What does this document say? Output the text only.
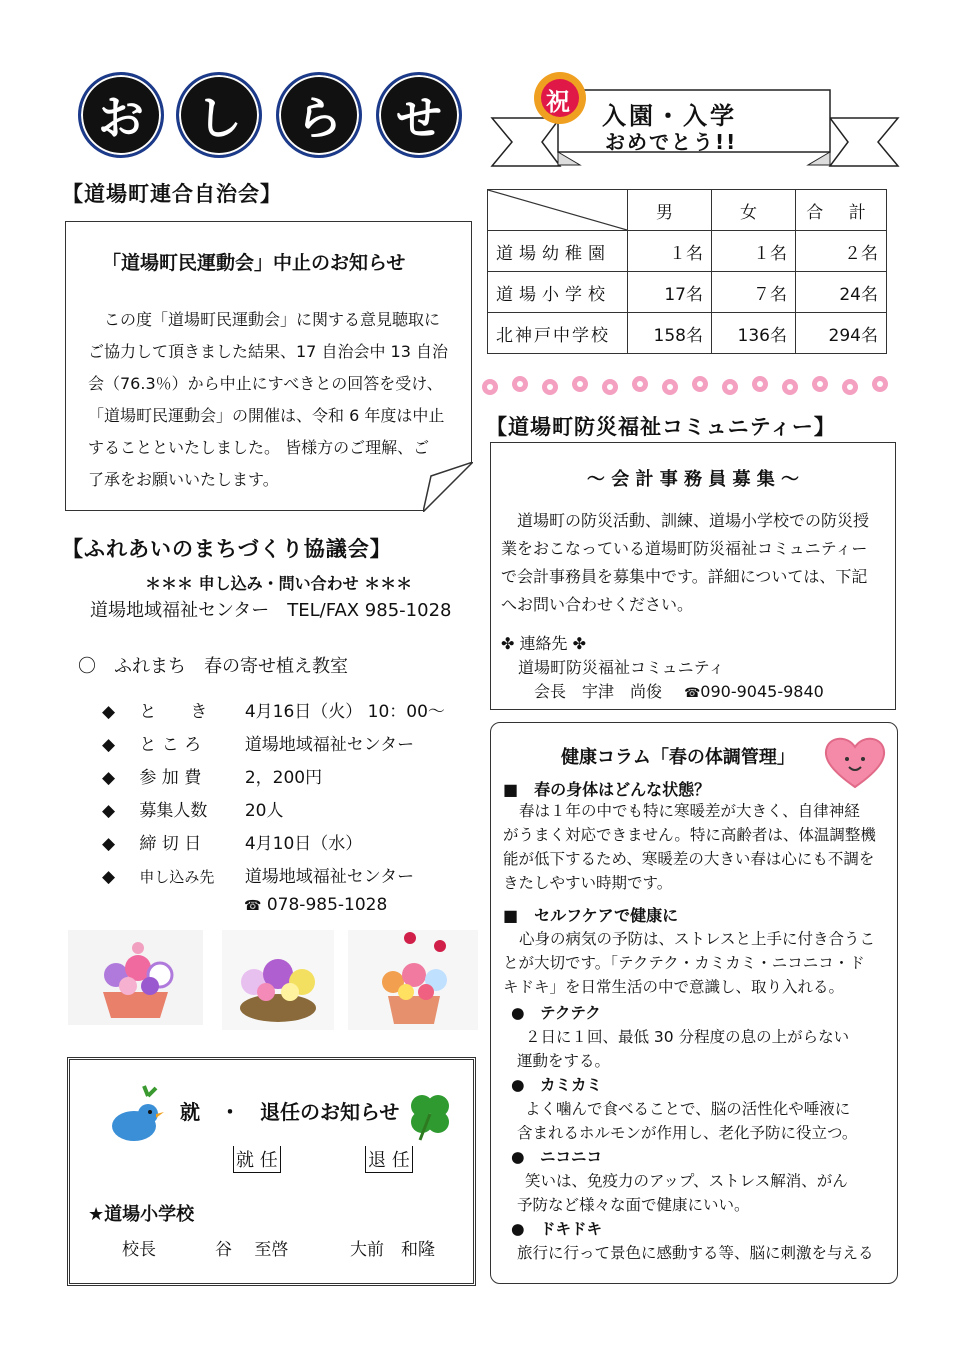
お	し	ら	せ	祝 入園・入学
おめでとう!!
【道場町連合自治会】
「道場町民運動会」中止のお知らせ
この度「道場町民運動会」に関する意見聴取に
ご協力して頂きました結果、17 自治会中 13 自治
会（76.3％）から中止にすべきとの回答を受け、
「道場町民運動会」の開催は、令和 6 年度は中止
することといたしました。 皆様方のご理解、ご
了承をお願いいたします。
【ふれあいのまちづくり協議会】
＊＊＊ 申し込み・問い合わせ ＊＊＊
道場地域福祉センター　TEL/FAX 985-1028
〇　ふれまち　春の寄せ植え教室
◆ と　　き 4月16日（火） 10：00～
◆ と こ ろ	道場地域福祉センター
◆ 参 加 費	2，200円
◆ 募集人数 20人
◆ 締 切 日	4月10日（水）
◆ 申し込み先 道場地域福祉センター
☎ 078-985-1028
就　・　退任のお知らせ
就 任	退 任
★道場小学校
校長	谷　 至啓	大前　和隆
	男	女	合 計
道場幼稚園	１名	１名	２名
道場小学校	17名	７名	24名
北神戸中学校	158名	136名	294名
【道場町防災福祉コミュニティー】
～ 会 計 事 務 員 募 集 ～
道場町の防災活動、訓練、道場小学校での防災授
業をおこなっている道場町防災福祉コミュニティー
で会計事務員を募集中です。詳細については、下記
へお問い合わせください。
✤ 連絡先 ✤
道場町防災福祉コミュニティ
会長　宇津　尚俊 ☎090-9045-9840
健康コラム「春の体調管理」
■　春の身体はどんな状態？
春は１年の中でも特に寒暖差が大きく、自律神経
がうまく対応できません。特に高齢者は、体温調整機
能が低下するため、寒暖差の大きい春は心にも不調を
きたしやすい時期です。
■　セルフケアで健康に
心身の病気の予防は、ストレスと上手に付き合うこ
とが大切です。「テクテク・カミカミ・ニコニコ・ド
キドキ」を日常生活の中で意識し、取り入れる。
●　テクテク
２日に１回、最低 30 分程度の息の上がらない
運動をする。
●　カミカミ
よく噛んで食べることで、脳の活性化や唾液に
含まれるホルモンが作用し、老化予防に役立つ。
●　ニコニコ
笑いは、免疫力のアップ、ストレス解消、がん
予防など様々な面で健康にいい。
●　ドキドキ
旅行に行って景色に感動する等、脳に刺激を与える
